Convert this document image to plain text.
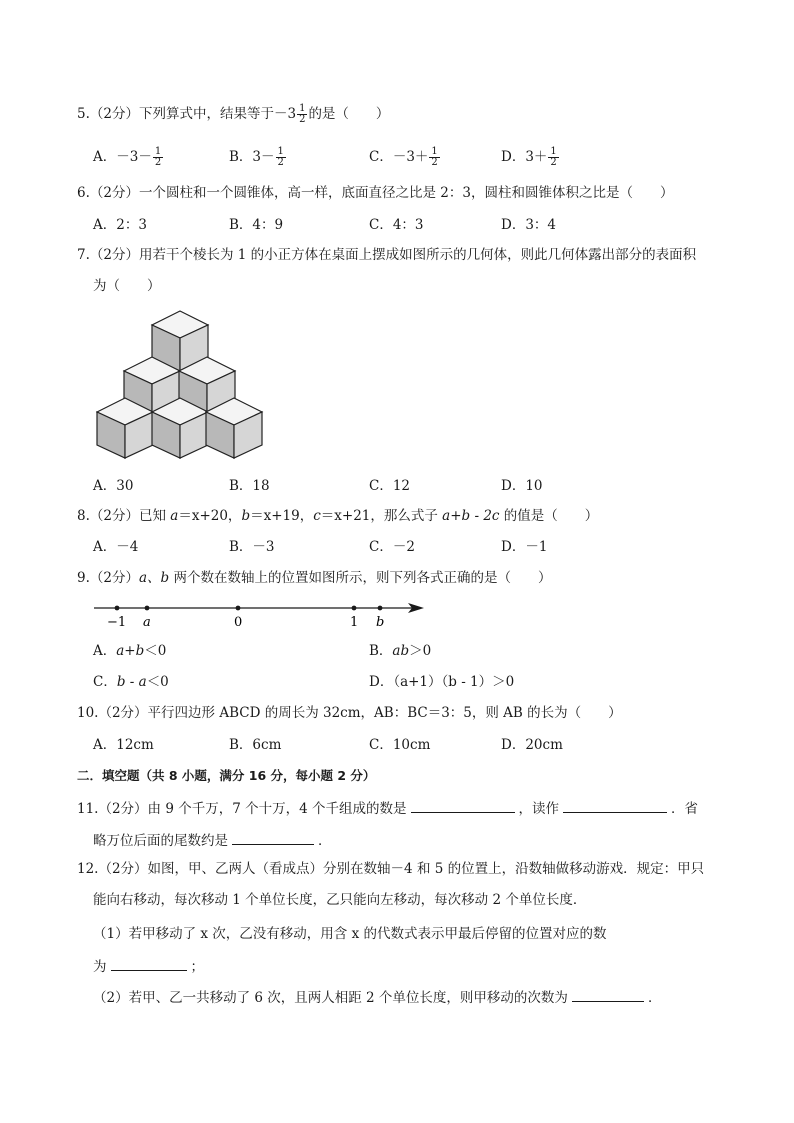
5.（2分）下列算式中，结果等于$-3 \frac{1}{2}$ 的是（　　）
A．$-3- \frac{1}{2}$	B．$3- \frac{1}{2}$	C．$-3+ \frac{1}{2}$	D．$3+ \frac{1}{2}$
6.（2分）一个圆柱和一个圆锥体，高一样，底面直径之比是 2：3，圆柱和圆锥体积之比是（　　）
A．2：3	B．4：9	C．4：3	D．3：4
7.（2分）用若干个棱长为 1 的小正方体在桌面上摆成如图所示的几何体，则此几何体露出部分的表面积
为（　　）
A．30	B．18	C．12	D．10
8.（2分）已知 a＝x+20，b＝x+19，c＝x+21，那么式子 a+b - 2c 的值是（　　）
A．－4	B．－3	C．－2	D．－1
9.（2分）a、b 两个数在数轴上的位置如图所示，则下列各式正确的是（　　）
−1 a	0	1 b
A．a+b＜0	B．ab＞0
C．b - a＜0	D．（a+1）（b - 1）＞0
10.（2分）平行四边形 ABCD 的周长为 32cm，AB：BC＝3：5，则 AB 的长为（　　）
A．12cm	B．6cm	C．10cm	D．20cm
二．填空题（共 8 小题，满分 16 分，每小题 2 分）
11.（2分）由 9 个千万，7 个十万，4 个千组成的数是	，读作	．省
略万位后面的尾数约是	．
12.（2分）如图，甲、乙两人（看成点）分别在数轴－4 和 5 的位置上，沿数轴做移动游戏．规定：甲只
能向右移动，每次移动 1 个单位长度，乙只能向左移动，每次移动 2 个单位长度．
（1）若甲移动了 x 次，乙没有移动，用含 x 的代数式表示甲最后停留的位置对应的数
为	；
（2）若甲、乙一共移动了 6 次，且两人相距 2 个单位长度，则甲移动的次数为	．
